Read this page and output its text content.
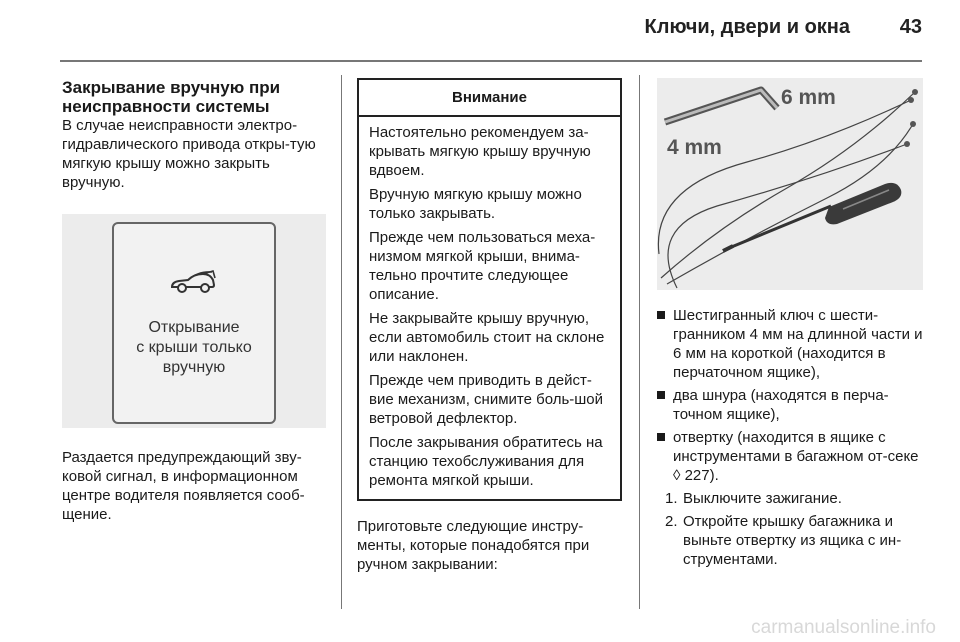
Ключи, двери и окна	43
Закрывание вручную при неисправности системы

В случае неисправности электро-гидравлического привода откры-тую мягкую крышу можно закрыть вручную.

Открывание
с крыши только
вручную

Раздается предупреждающий зву-ковой сигнал, в информационном центре водителя появляется сооб-щение.

Внимание

Настоятельно рекомендуем за-крывать мягкую крышу вручную вдвоем.

Вручную мягкую крышу можно только закрывать.

Прежде чем пользоваться меха-низмом мягкой крыши, внима-тельно прочтите следующее описание.

Не закрывайте крышу вручную, если автомобиль стоит на склоне или наклонен.

Прежде чем приводить в дейст-вие механизм, снимите боль-шой ветровой дефлектор.

После закрывания обратитесь на станцию техобслуживания для ремонта мягкой крыши.

Приготовьте следующие инстру-менты, которые понадобятся при ручном закрывании:

6 mm
4 mm
Шестигранный ключ с шести-гранником 4 мм на длинной части и 6 мм на короткой (находится в перчаточном ящике),
два шнура (находятся в перча-точном ящике),
отвертку (находится в ящике с инструментами в багажном от-секе ◊ 227).
1. Выключите зажигание.
2. Откройте крышку багажника и выньте отвертку из ящика с ин-струментами.
carmanualsonline.info
